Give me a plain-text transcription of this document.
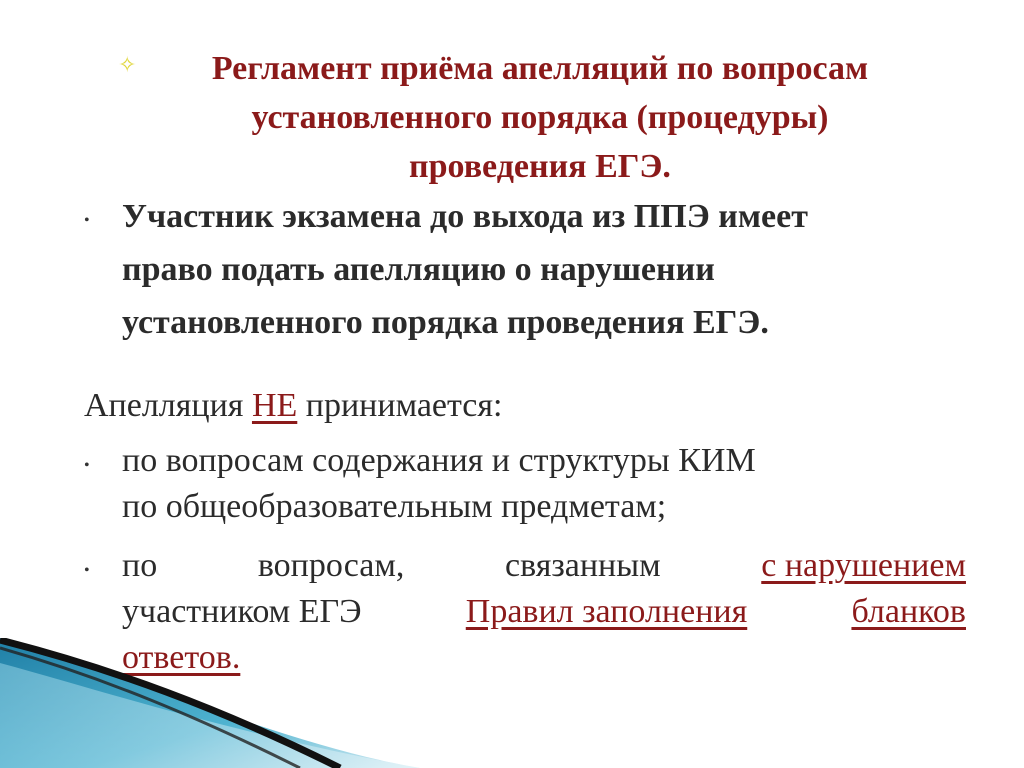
✧	Регламент приёма апелляций по вопросам
установленного порядка (процедуры)
проведения ЕГЭ.
• Участник экзамена до выхода из ППЭ имеет
право подать апелляцию о нарушении
установленного порядка проведения ЕГЭ.
Апелляция НЕ принимается:
• по вопросам содержания и структуры КИМ
по общеобразовательным предметам;
• по	вопросам,	связанным	с нарушением
участником ЕГЭ	Правил заполнения	бланков
ответов.
